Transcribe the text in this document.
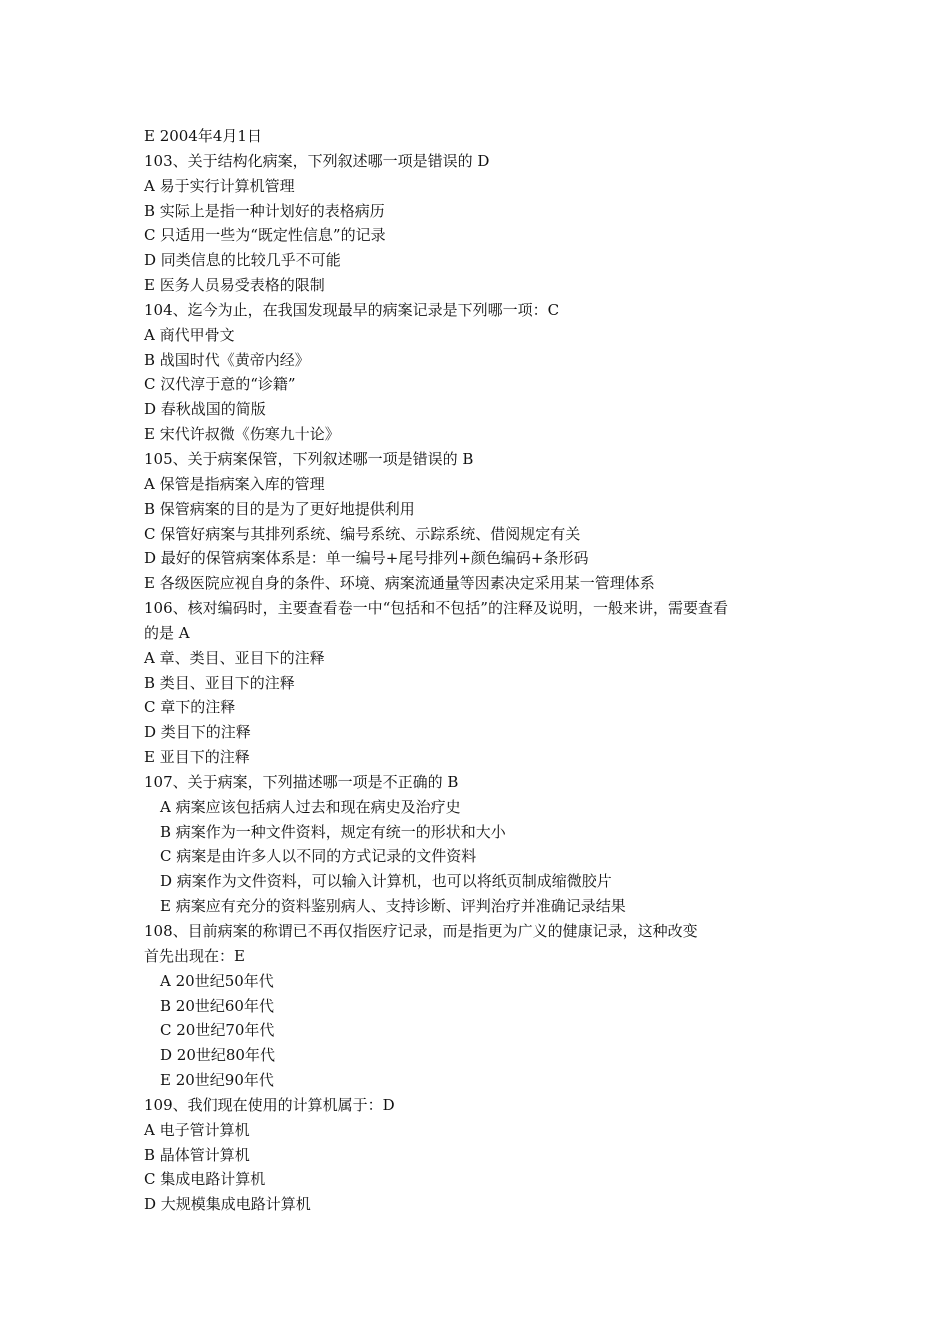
E 2004年4月1日
103、关于结构化病案，下列叙述哪一项是错误的 D
A 易于实行计算机管理
B 实际上是指一种计划好的表格病历
C 只适用一些为“既定性信息”的记录
D 同类信息的比较几乎不可能
E 医务人员易受表格的限制
104、迄今为止，在我国发现最早的病案记录是下列哪一项：C
A 商代甲骨文
B 战国时代《黄帝内经》
C 汉代淳于意的“诊籍”
D 春秋战国的简版
E 宋代许叔微《伤寒九十论》
105、关于病案保管，下列叙述哪一项是错误的 B
A 保管是指病案入库的管理
B 保管病案的目的是为了更好地提供利用
C 保管好病案与其排列系统、编号系统、示踪系统、借阅规定有关
D 最好的保管病案体系是：单一编号+尾号排列+颜色编码+条形码
E 各级医院应视自身的条件、环境、病案流通量等因素决定采用某一管理体系
106、核对编码时，主要查看卷一中“包括和不包括”的注释及说明，一般来讲，需要查看
的是 A
A 章、类目、亚目下的注释
B 类目、亚目下的注释
C 章下的注释
D 类目下的注释
E 亚目下的注释
107、关于病案，下列描述哪一项是不正确的 B
A 病案应该包括病人过去和现在病史及治疗史
B 病案作为一种文件资料，规定有统一的形状和大小
C 病案是由许多人以不同的方式记录的文件资料
D 病案作为文件资料，可以输入计算机，也可以将纸页制成缩微胶片
E 病案应有充分的资料鉴别病人、支持诊断、评判治疗并准确记录结果
108、目前病案的称谓已不再仅指医疗记录，而是指更为广义的健康记录，这种改变
首先出现在：E
A 20世纪50年代
B 20世纪60年代
C 20世纪70年代
D 20世纪80年代
E 20世纪90年代
109、我们现在使用的计算机属于：D
A 电子管计算机
B 晶体管计算机
C 集成电路计算机
D 大规模集成电路计算机
